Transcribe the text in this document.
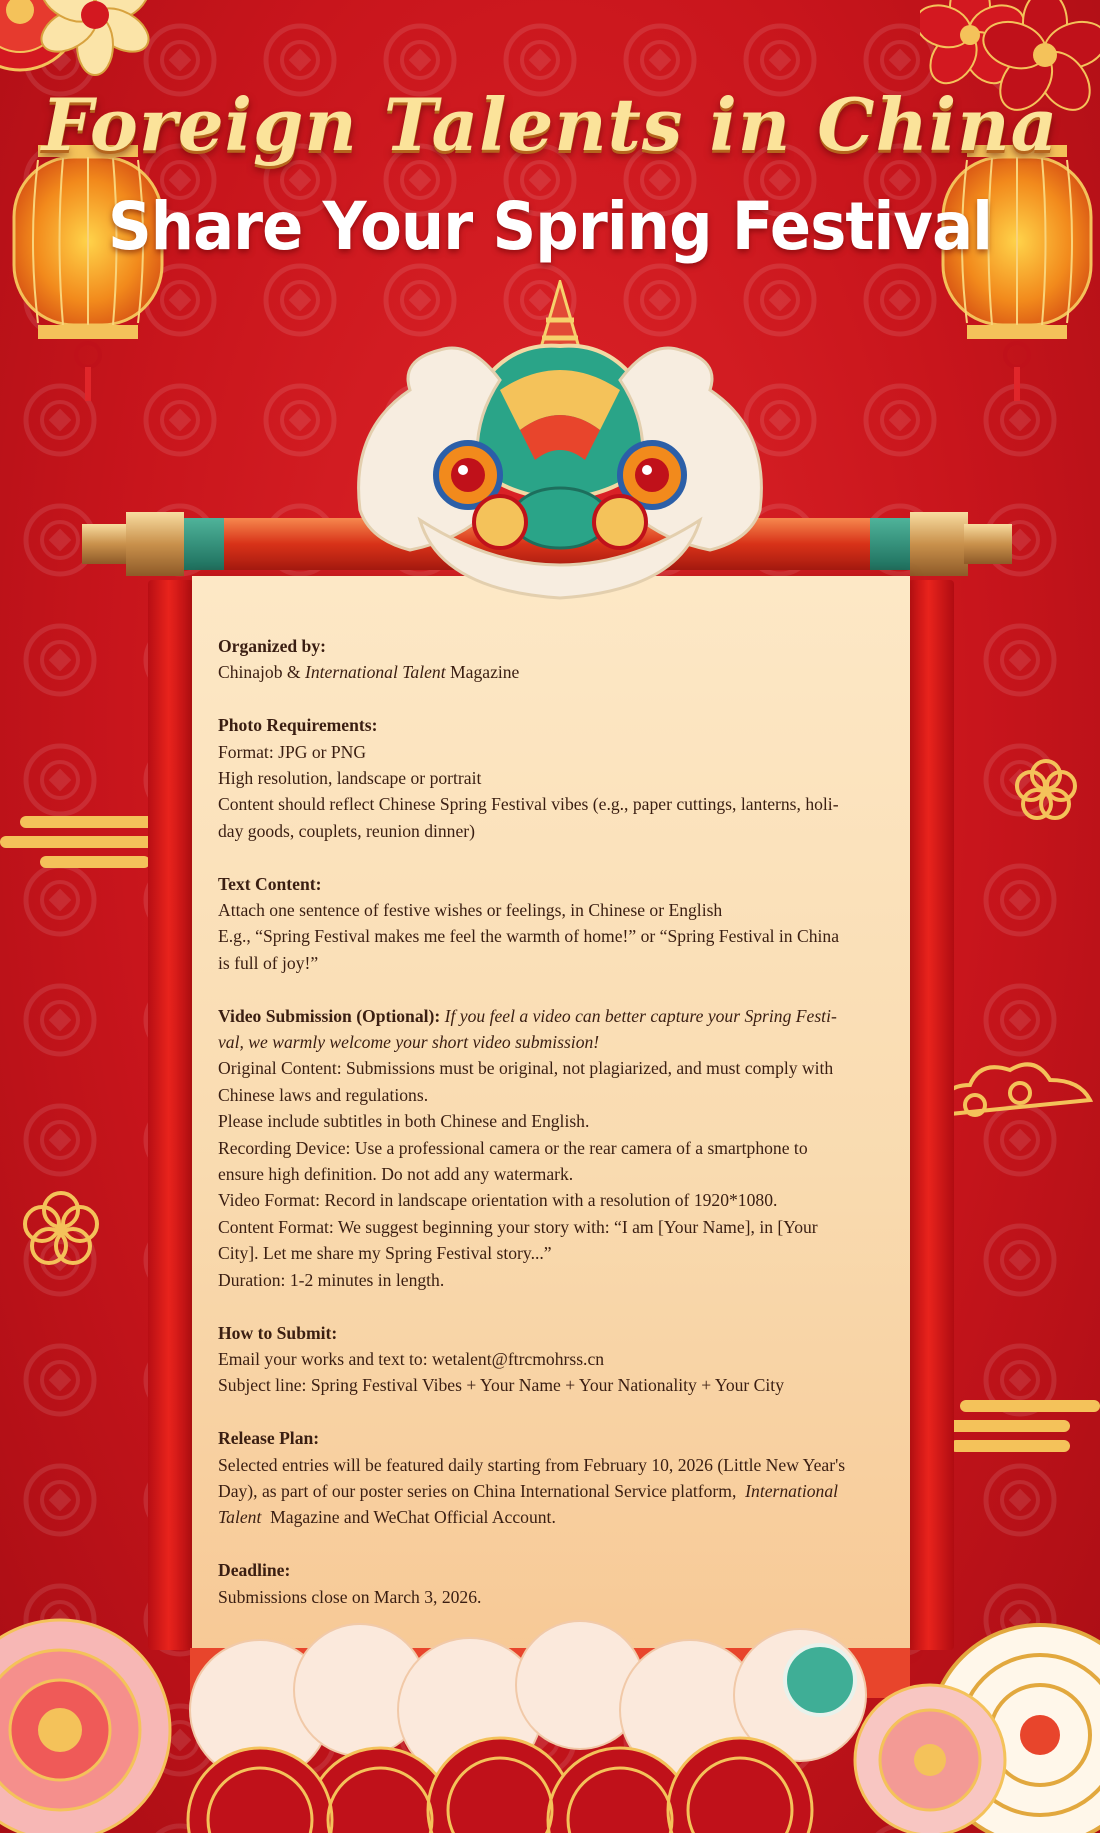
Foreign Talents in China
Share Your Spring Festival

Organized by:

Chinajob & International Talent Magazine

Photo Requirements:

Format: JPG or PNG

High resolution, landscape or portrait

Content should reflect Chinese Spring Festival vibes (e.g., paper cuttings, lanterns, holi-

day goods, couplets, reunion dinner)

Text Content:

Attach one sentence of festive wishes or feelings, in Chinese or English

E.g., “Spring Festival makes me feel the warmth of home!” or “Spring Festival in China

is full of joy!”

Video Submission (Optional): If you feel a video can better capture your Spring Festi-

val, we warmly welcome your short video submission!

Original Content: Submissions must be original, not plagiarized, and must comply with

Chinese laws and regulations.

Please include subtitles in both Chinese and English.

Recording Device: Use a professional camera or the rear camera of a smartphone to

ensure high definition. Do not add any watermark.

Video Format: Record in landscape orientation with a resolution of 1920*1080.

Content Format: We suggest beginning your story with: “I am [Your Name], in [Your

City]. Let me share my Spring Festival story...”

Duration: 1-2 minutes in length.

How to Submit:

Email your works and text to: wetalent@ftrcmohrss.cn

Subject line: Spring Festival Vibes + Your Name + Your Nationality + Your City

Release Plan:

Selected entries will be featured daily starting from February 10, 2026 (Little New Year's

Day), as part of our poster series on China International Service platform,  International

Talent  Magazine and WeChat Official Account.

Deadline:

Submissions close on March 3, 2026.
